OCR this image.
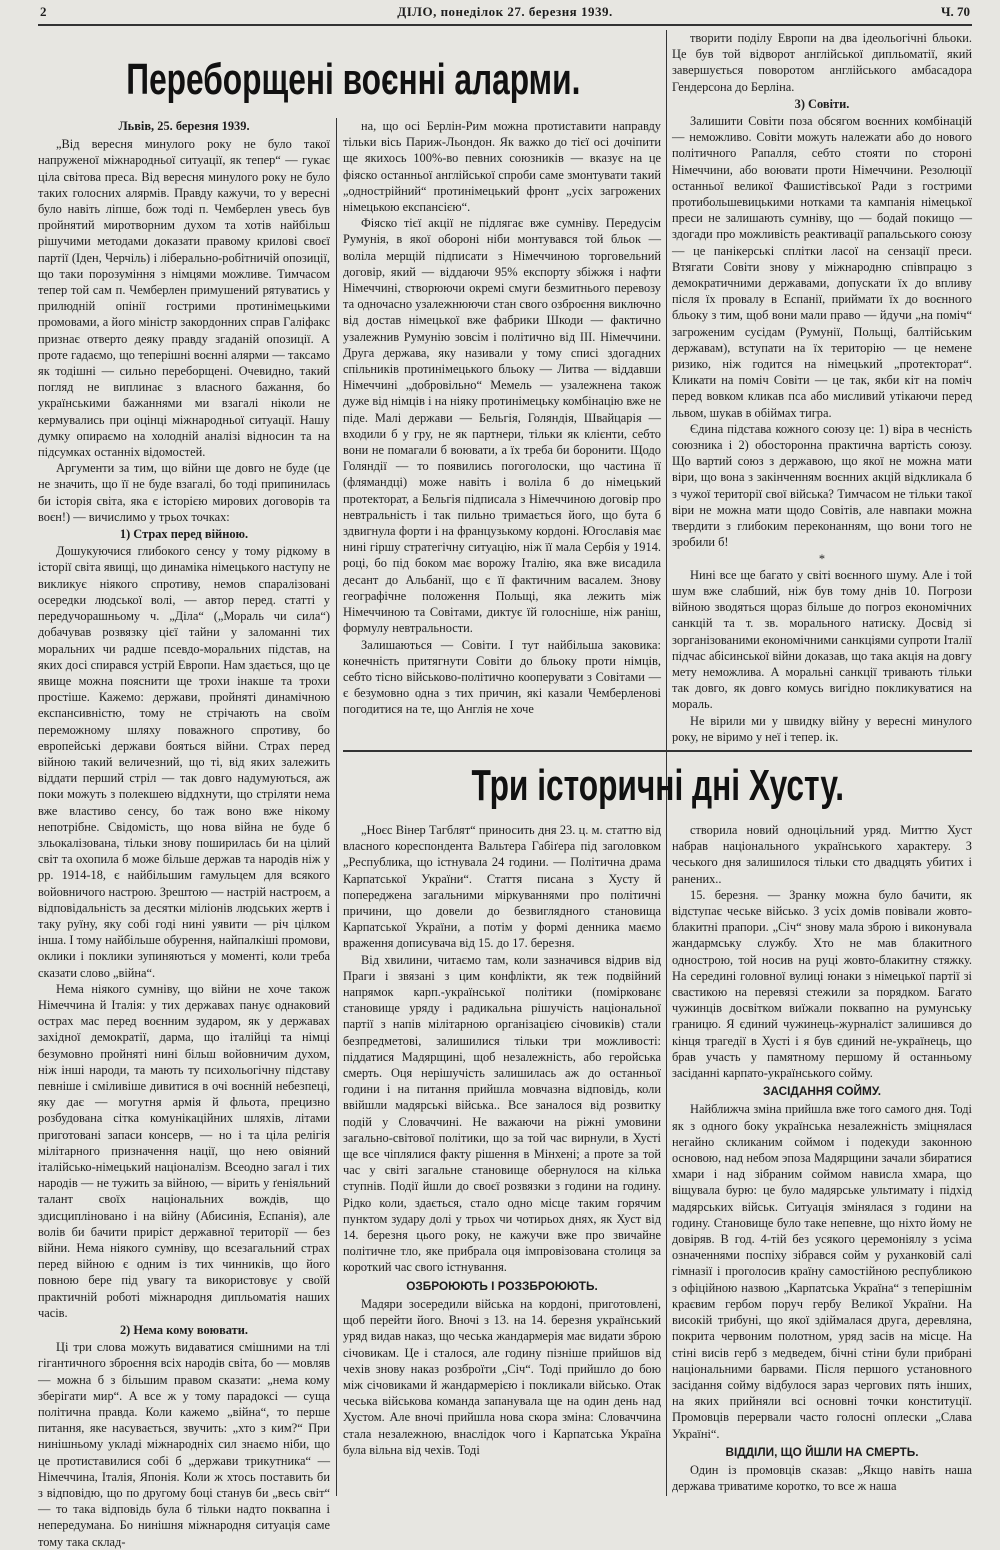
2	ДІЛО, понеділок 27. березня 1939.	Ч. 70
Переборщені воєнні аларми.

Львів, 25. березня 1939.

„Від вересня минулого року не було такої напруженої міжнародньої ситуації, як тепер“ — гукає ціла світова преса. Від вересня минулого року не було таких голосних алярмів. Правду кажучи, то у вересні було навіть ліпше, бож тоді п. Чемберлен увесь був пройнятий миротворним духом та хотів найбільш рішучими методами доказати правому крилові своєї партії (Іден, Черчіль) і ліберально-робітничій опозиції, що таки порозуміння з німцями можливе. Тимчасом тепер той сам п. Чемберлен примушений рятуватись у прилюдній опінії гострими протинімецькими промовами, а його міністр закордонних справ Галіфакс признає отверто деяку правду згаданій опозиції. А проте гадаємо, що теперішні воєнні алярми — таксамо як тодішні — сильно переборщені. Очевидно, такий погляд не виплинає з власного бажання, бо українськими бажаннями ми взагалі ніколи не кермувались при оцінці міжнародньої ситуації. Нашу думку опираємо на холодній аналізі відносин та на підсумках останніх відомостей.

Аргументи за тим, що війни ще довго не буде (це не значить, що її не буде взагалі, бо тоді припинилась би історія світа, яка є історією мирових договорів та воєн!) — вичислимо у трьох точках:

1) Страх перед війною.

Дошукуючися глибокого сенсу у тому рідкому в історії світа явищі, що динаміка німецького наступу не викликує ніякого спротиву, немов спаралізовані осередки людської волі, — автор перед. статті у передучорашньому ч. „Діла“ („Мораль чи сила“) добачував розвязку цієї тайни у заломанні тих моральних чи радше псевдо-моральних підстав, на яких досі спирався устрій Европи. Нам здається, що це явище можна пояснити ще трохи інакше та трохи простіше. Кажемо: держави, пройняті динамічною експансивністю, тому не стрічають на своїм переможному шляху поважного спротиву, бо европейські держави бояться війни. Страх перед війною такий величезний, що ті, від яких залежить віддати перший стріл — так довго надумуються, аж поки можуть з полекшею віддхнути, що стріляти нема вже властиво сенсу, бо таж воно вже нікому непотрібне. Свідомість, що нова війна не буде б зльокалізована, тільки знову поширилась би на цілий світ та охопила б може більше держав та народів ніж у рр. 1914-18, є найбільшим гамульцем для всякого войовничого настрою. Зрештою — настрій настроєм, а відповідальність за десятки міліонів людських жертв і таку руїну, яку собі годі нині уявити — річ цілком інша. І тому найбільше обурення, найпалкіші промови, оклики і поклики зупиняються у моменті, коли треба сказати слово „війна“.

Нема ніякого сумніву, що війни не хоче також Німеччина й Італія: у тих державах панує однаковий острах мас перед воєнним зударом, як у державах західної демократії, дарма, що італійці та німці безумовно пройняті нині більш войовничим духом, ніж інші народи, та мають ту психольогічну підставу певніше і сміливіше дивитися в очі воєнній небезпеці, яку дає — могутня армія й фльота, прецизно розбудована сітка комунікаційних шляхів, літами приготовані запаси консерв, — но і та ціла релігія мілітарного призначення нації, що нею овіяний італійсько-німецький націоналізм. Всеодно загал і тих народів — не тужить за війною, — вірить у ґеніяльний талант своїх національних вождів, що здисципліновано і на війну (Абисинія, Еспанія), але волів би бачити приріст державної території — без війни. Нема ніякого сумніву, що всезагальний страх перед війною є одним із тих чинників, що його повною бере під увагу та використовує у своїй практичній роботі міжнародня дипльоматія наших часів.

2) Нема кому воювати.

Ці три слова можуть видаватися смішними на тлі гігантичного зброєння всіх народів світа, бо — мовляв — можна б з більшим правом сказати: „нема кому зберігати мир“. А все ж у тому парадоксі — суща політична правда. Коли кажемо „війна“, то перше питання, яке насувається, звучить: „хто з ким?“ При нинішньому укладі міжнародніх сил знаємо ніби, що це протиставилися собі б „держави трикутника“ — Німеччина, Італія, Японія. Коли ж хтось поставить би з відповідю, що по другому боці станув би „весь світ“ — то така відповідь була б тільки надто поквапна і непередумана. Бо нинішня міжнародня ситуація саме тому така склад-

на, що осі Берлін-Рим можна протиставити направду тільки вісь Париж-Льондон. Як важко до тієї осі дочіпити ще якихось 100%-во певних союзників — вказує на це фіяско останньої англійської спроби саме змонтувати такий „однострійний“ протинімецький фронт „усіх загрожених німецькою експансією“.

Фіяско тієї акції не підлягає вже сумніву. Передусім Румунія, в якої обороні ніби монтувався той бльок — воліла мерщій підписати з Німеччиною торговельний договір, який — віддаючи 95% експорту збіжжя і нафти Німеччині, створюючи окремі смуги безмитнього перевозу та одночасно узалежнюючи стан свого озброєння виключно від достав німецької вже фабрики Шкоди — фактично узалежнив Румунію зовсім і політично від ІІІ. Німеччини. Друга держава, яку називали у тому списі здогадних спільників протинімецького бльоку — Литва — віддавши Німеччині „добровільно“ Мемель — узалежнена також дуже від німців і на ніяку протинімецьку комбінацію вже не піде. Малі держави — Бельгія, Голяндія, Швайцарія — входили б у гру, не як партнери, тільки як клієнти, себто вони не помагали б воювати, а їх треба би боронити. Щодо Голяндії — то появились погоголоски, що частина її (флямандці) може навіть і воліла б до німецький протекторат, а Бельгія підписала з Німеччиною договір про невтральність і так пильно тримається його, що бута б здвигнула форти і на французькому кордоні. Югославія має нині гіршу стратегічну ситуацію, ніж її мала Сербія у 1914. році, бо під боком має ворожу Італію, яка вже висадила десант до Альбанії, що є її фактичним васалем. Знову географічне положення Польщі, яка лежить між Німеччиною та Совітами, диктує їй голосніше, ніж раніш, формулу невтральности.

Залишаються — Совіти. І тут найбільша заковика: конечність притягнути Совіти до бльоку проти німців, себто тісно військово-політично кооперувати з Совітами — є безумовно одна з тих причин, які казали Чемберленові погодитися на те, що Англія не хоче

творити поділу Европи на два ідеольогічні бльоки. Це був той відворот англійської дипльоматії, який завершується поворотом англійського амбасадора Гендерсона до Берліна.

3) Совіти.

Залишити Совіти поза обсягом воєнних комбінацій — неможливо. Совіти можуть належати або до нового політичного Рапалля, себто стояти по стороні Німеччини, або воювати проти Німеччини. Резолюції останньої великої Фашистівської Ради з гострими протибольшевицькими нотками та кампанія німецької преси не залишають сумніву, що — бодай покищо — здогади про можливість реактивації рапальського союзу — це панікерські сплітки ласої на сензації преси. Втягати Совіти знову у міжнародню співпрацю з демократичними державами, допускати їх до впливу після їх провалу в Еспанії, приймати їх до воєнного бльоку з тим, щоб вони мали право — йдучи „на поміч“ загроженим сусідам (Румунії, Польщі, балтійським державам), вступати на їх територію — це немене ризико, ніж годится на німецький „протекторат“. Кликати на поміч Совіти — це так, якби кіт на поміч перед вовком кликав пса або мисливий утікаючи перед львом, шукав в обіймах тигра.

Єдина підстава кожного союзу це: 1) віра в чесність союзника і 2) обосторонна практична вартість союзу. Що вартий союз з державою, що якої не можна мати віри, що вона з закінченням воєнних акцій відкликала б з чужої території свої війська? Тимчасом не тільки такої віри не можна мати щодо Совітів, але навпаки можна твердити з глибоким переконанням, що вони того не зробили б!

*

Нині все ще багато у світі воєнного шуму. Але і той шум вже слабший, ніж був тому днів 10. Погрози війною зводяться щораз більше до погроз економічних санкцій та т. зв. морального натиску. Досвід зі зорганізованими економічними санкціями супроти Італії підчас абісинської війни доказав, що така акція на довгу мету неможлива. А моральні санкції тривають тільки так довго, як довго комусь вигідно покликуватися на мораль.

Не вірили ми у швидку війну у вересні минулого року, не віримо у неї і тепер. ік.

Три історичні дні Хусту.

„Ноєс Вінер Тагблят“ приносить дня 23. ц. м. статтю від власного кореспондента Вальтера Габіґера під заголовком „Республика, що істнувала 24 години. — Політична драма Карпатської України“. Стаття писана з Хусту й попереджена загальними міркуваннями про політичні причини, що довели до безвиглядного становища Карпатської України, а потім у формі денника маємо враження дописувача від 15. до 17. березня.

Від хвилини, читаємо там, коли зазначився відрив від Праги і звязані з цим конфлікти, як теж подвійний напрямок карп.-української політики (поміркованє становище уряду і радикальна рішучість національної партії з напів мілітарною організацією січовиків) стали безпредметові, залишилися тільки три можливості: піддатися Мадярщині, щоб незалежність, або геройська смерть. Оця нерішучість залишилась аж до останньої години і на питання прийшла мовчазна відповідь, коли ввійшли мадярські війська.. Все заналося від розвитку подій у Словаччині. Не важаючи на ріжні умовини загально-світової політики, що за той час вирнули, в Хусті ще все чіплялися факту рішення в Мінхені; а проте за той час у світі загальне становище обернулося на кілька ступнів. Події йшли до своєї розвязки з години на годину. Рідко коли, здається, стало одно місце таким горячим пунктом зудару долі у трьох чи чотирьох днях, як Хуст від 14. березня цього року, не кажучи вже про звичайне політичне тло, яке прибрала оця імпровізована столиця за короткий час свого істнування.

ОЗБРОЮЮТЬ І РОЗЗБРОЮЮТЬ.

Мадяри зосередили війська на кордоні, приготовлені, щоб перейти його. Вночі з 13. на 14. березня український уряд видав наказ, що чеська жандармерія має видати зброю січовикам. Це і сталося, але годину пізніше прийшов від чехів знову наказ розброїти „Січ“. Тоді прийшло до бою між січовиками й жандармерією і покликали військо. Отак чеська військова команда запанувала ще на один день над Хустом. Але вночі прийшла нова скора зміна: Словаччина стала незалежною, внаслідок чого і Карпатська Україна була вільна від чехів. Тоді

створила новий одноцільний уряд. Миттю Хуст набрав національного українського характеру. З чеського дня залишилося тільки сто двадцять убитих і ранених..

15. березня. — Зранку можна було бачити, як відступає чеське військо. З усіх домів повівали жовто-блакитні прапори. „Січ“ знову мала зброю і виконувала жандармську службу. Хто не мав блакитного однострою, той носив на руці жовто-блакитну стяжку. На середині головної вулиці юнаки з німецької партії зі свастикою на перевязі стежили за порядком. Багато чужинців досвітком виїжали поквапно на румунську границю. Я єдиний чужинець-журналіст залишився до кінця трагедії в Хусті і я був єдиний не-українець, що брав участь у памятному першому й останньому засіданні карпато-українського сойму.

ЗАСІДАННЯ СОЙМУ.

Найближча зміна прийшла вже того самого дня. Тоді як з одного боку українська незалежність зміцнялася негайно скликаним соймом і подекуди законною основою, над небом эпоза Мадярщини зачали збиратися хмари і над зібраним соймом нависла хмара, що віщувала бурю: це було мадярське ультимату і підхід мадярських військ. Ситуація змінялася з години на годину. Становище було таке непевне, що ніхто йому не довіряв. В год. 4-тій без усякого церемоніялу з усіма означеннями поспіху зібрався сойм у руханковій салі гімназії і проголосив країну самостійною республикою з офіційною назвою „Карпатська Україна“ з теперішнім краєвим гербом поруч гербу Великої України. На високій трибуні, що якої здіймалася друга, деревляна, покрита червоним полотном, уряд засів на місце. На стіні висів герб з медведем, бічні стіни були прибрані національними барвами. Після першого установного засідання сойму відбулося зараз чергових пять інших, на яких прийняли всі основні точки конституції. Промовців перервали часто голосні оплески „Слава Україні“.

ВІДДІЛИ, ЩО ЙШЛИ НА СМЕРТЬ.

Один із промовців сказав: „Якщо навіть наша держава триватиме коротко, то все ж наша
